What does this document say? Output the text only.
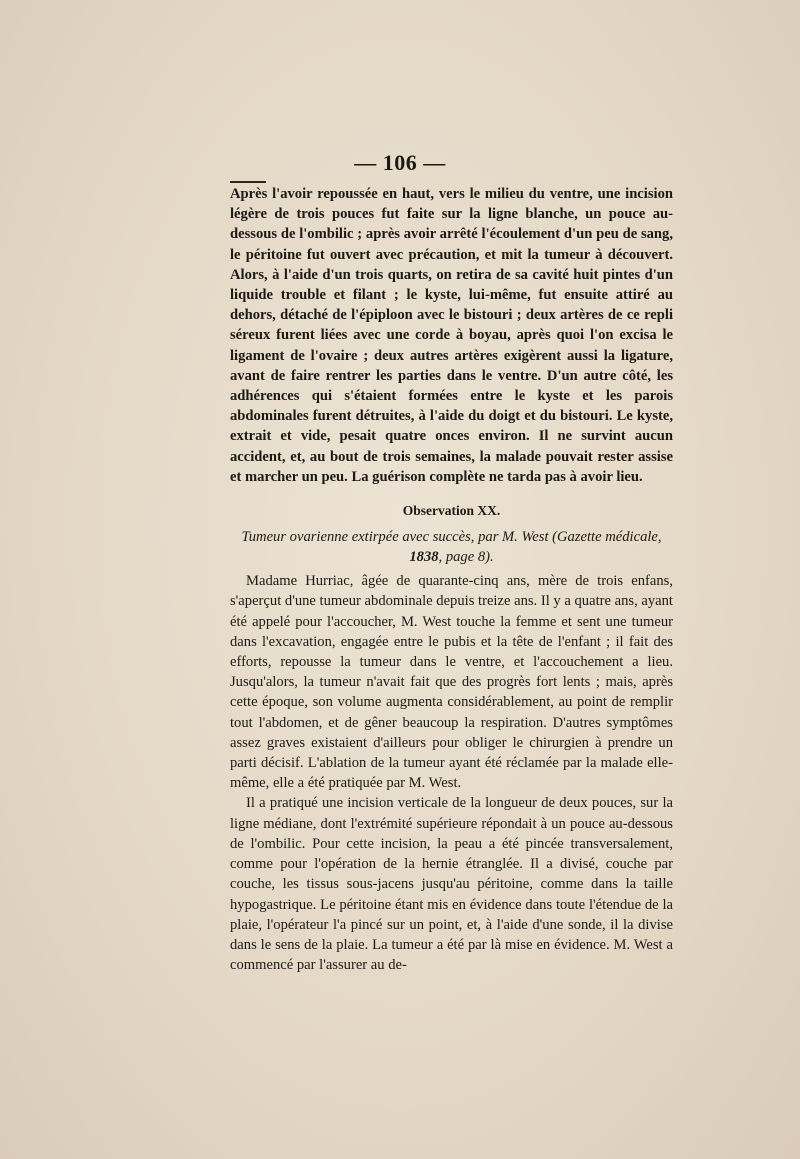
— 106 —

Après l'avoir repoussée en haut, vers le milieu du ventre, une incision légère de trois pouces fut faite sur la ligne blanche, un pouce au-dessous de l'ombilic ; après avoir arrêté l'écoulement d'un peu de sang, le péritoine fut ouvert avec précaution, et mit la tumeur à découvert. Alors, à l'aide d'un trois quarts, on retira de sa cavité huit pintes d'un liquide trouble et filant ; le kyste, lui-même, fut ensuite attiré au dehors, détaché de l'épiploon avec le bistouri ; deux artères de ce repli séreux furent liées avec une corde à boyau, après quoi l'on excisa le ligament de l'ovaire ; deux autres artères exigèrent aussi la ligature, avant de faire rentrer les parties dans le ventre. D'un autre côté, les adhérences qui s'étaient formées entre le kyste et les parois abdominales furent détruites, à l'aide du doigt et du bistouri. Le kyste, extrait et vide, pesait quatre onces environ. Il ne survint aucun accident, et, au bout de trois semaines, la malade pouvait rester assise et marcher un peu. La guérison complète ne tarda pas à avoir lieu.

Observation XX.
Tumeur ovarienne extirpée avec succès, par M. West (Gazette médicale, 1838, page 8).

Madame Hurriac, âgée de quarante-cinq ans, mère de trois enfans, s'aperçut d'une tumeur abdominale depuis treize ans. Il y a quatre ans, ayant été appelé pour l'accoucher, M. West touche la femme et sent une tumeur dans l'excavation, engagée entre le pubis et la tête de l'enfant ; il fait des efforts, repousse la tumeur dans le ventre, et l'accouchement a lieu. Jusqu'alors, la tumeur n'avait fait que des progrès fort lents ; mais, après cette époque, son volume augmenta considérablement, au point de remplir tout l'abdomen, et de gêner beaucoup la respiration. D'autres symptômes assez graves existaient d'ailleurs pour obliger le chirurgien à prendre un parti décisif. L'ablation de la tumeur ayant été réclamée par la malade elle-même, elle a été pratiquée par M. West.

Il a pratiqué une incision verticale de la longueur de deux pouces, sur la ligne médiane, dont l'extrémité supérieure répondait à un pouce au-dessous de l'ombilic. Pour cette incision, la peau a été pincée transversalement, comme pour l'opération de la hernie étranglée. Il a divisé, couche par couche, les tissus sous-jacens jusqu'au péritoine, comme dans la taille hypogastrique. Le péritoine étant mis en évidence dans toute l'étendue de la plaie, l'opérateur l'a pincé sur un point, et, à l'aide d'une sonde, il la divise dans le sens de la plaie. La tumeur a été par là mise en évidence. M. West a commencé par l'assurer au de-
